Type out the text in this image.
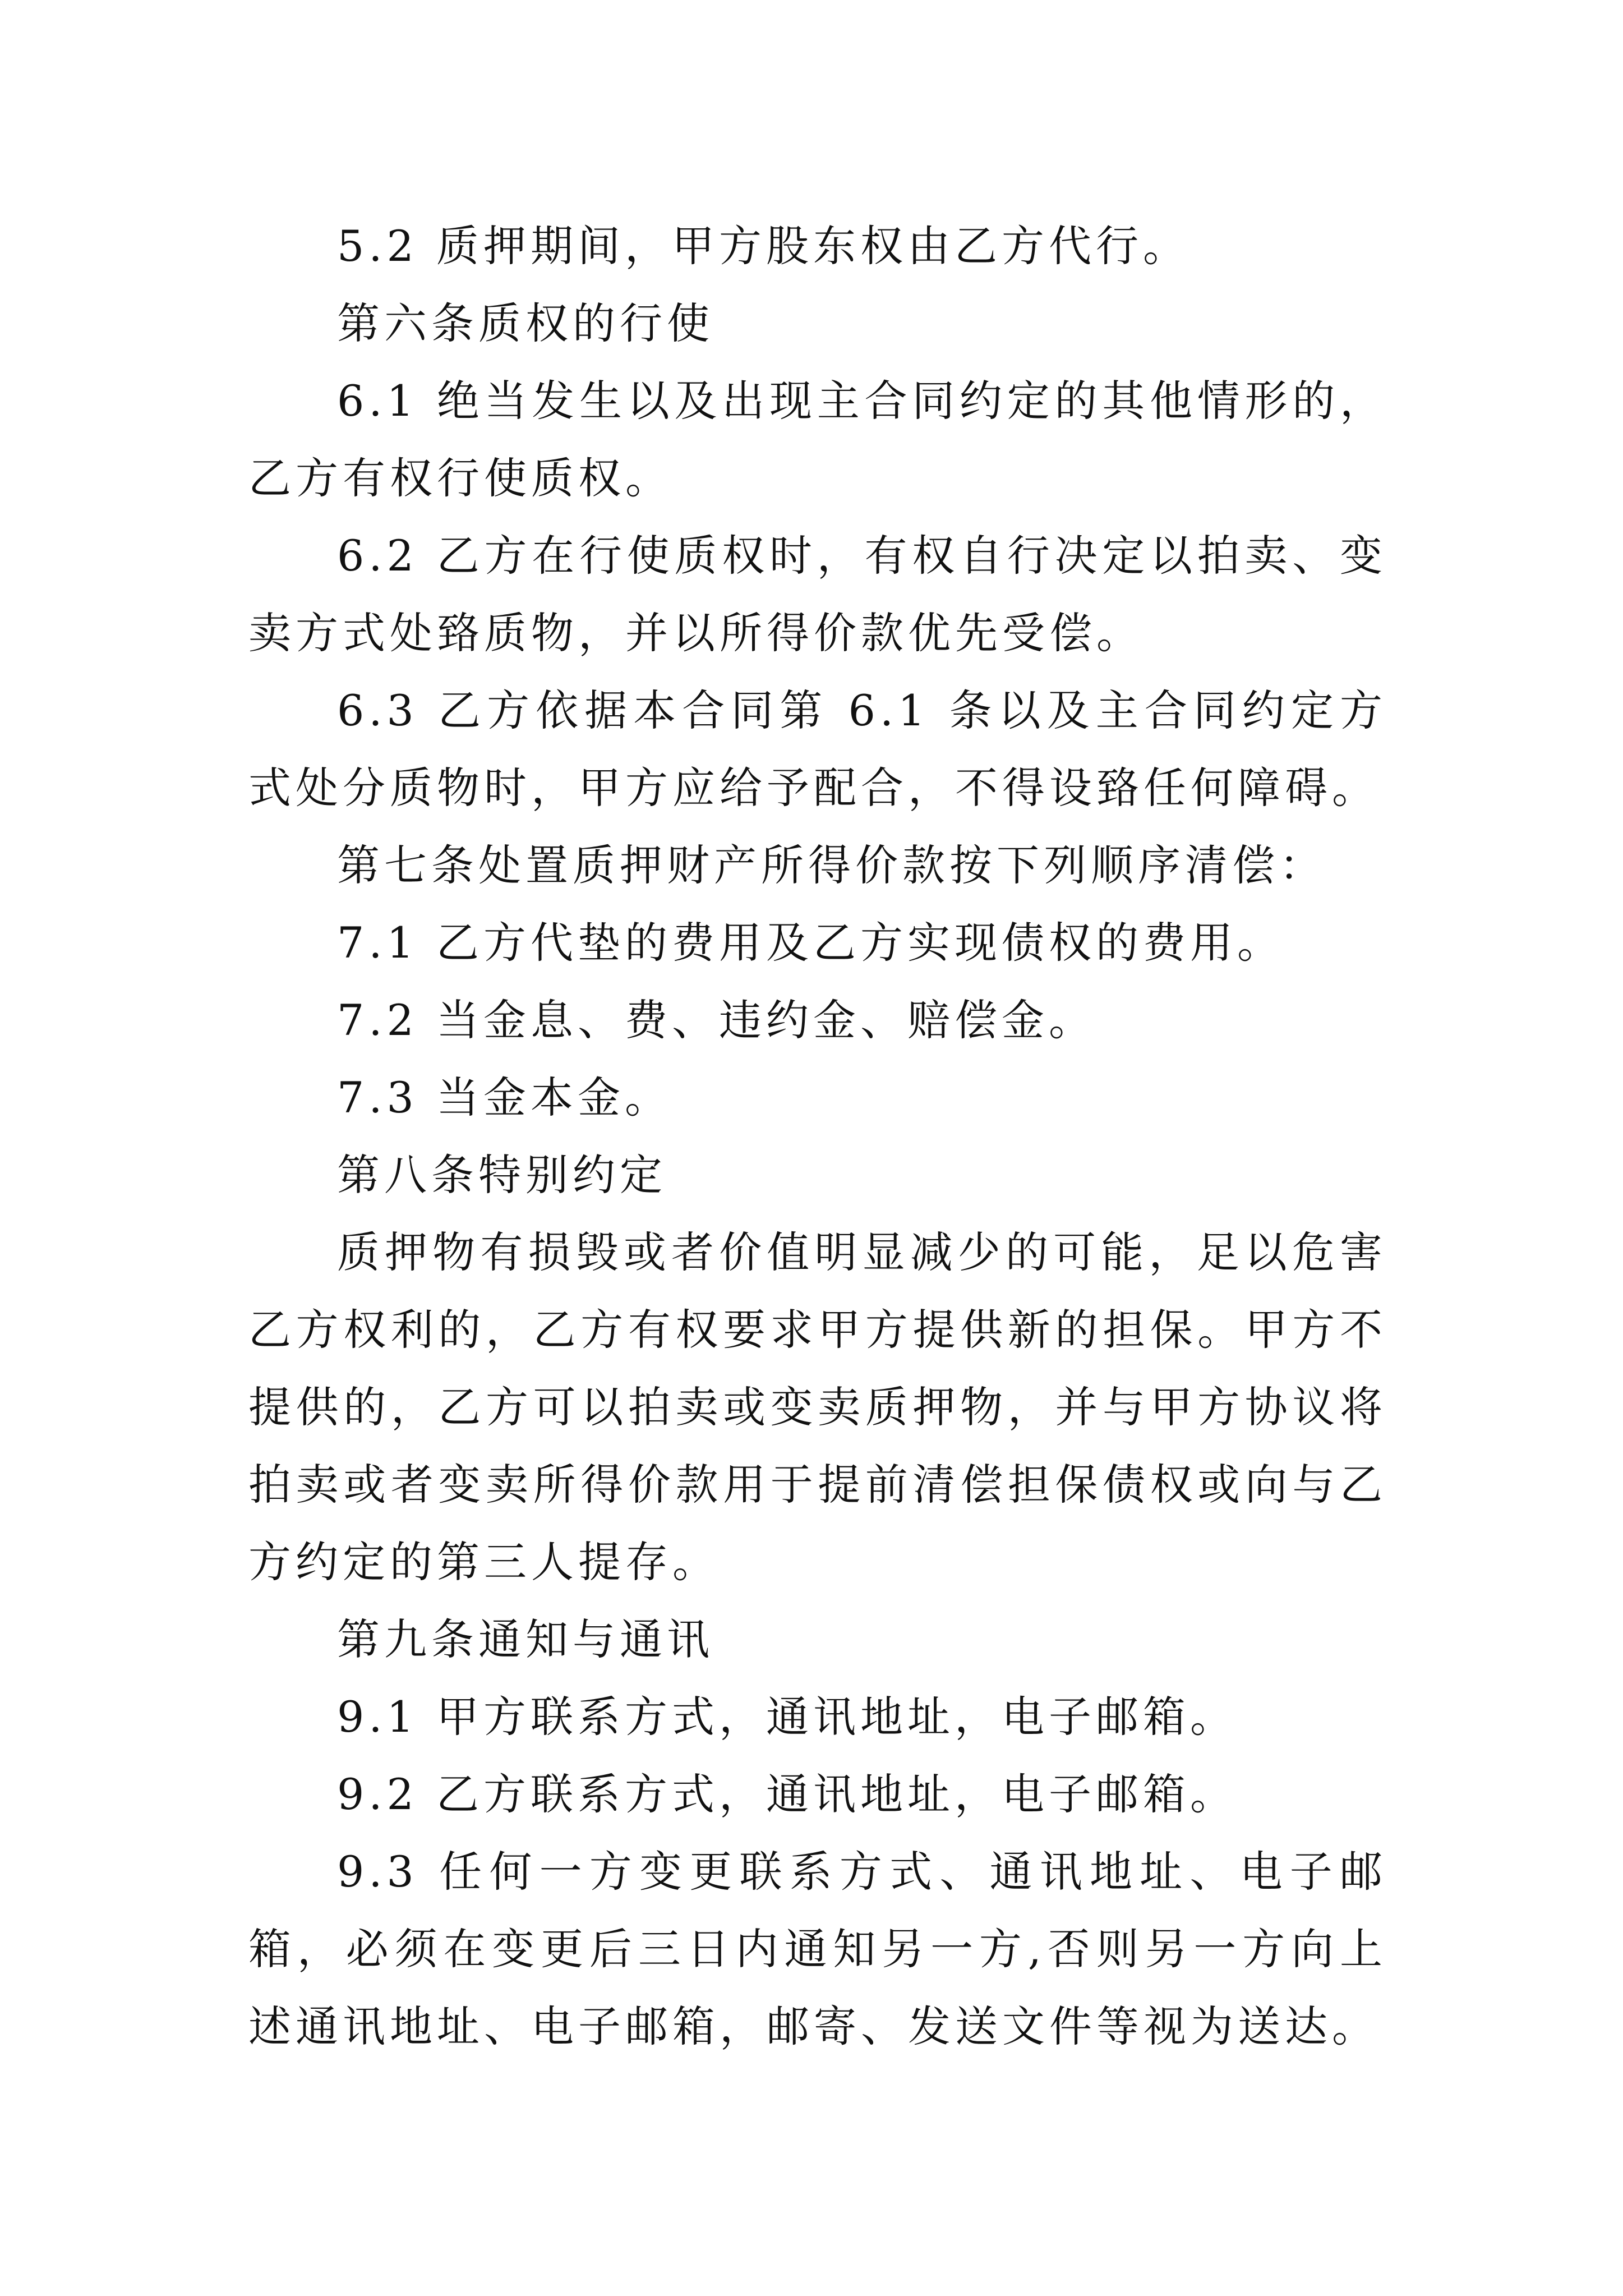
5.2 质押期间，甲方股东权由乙方代行。

第六条质权的行使

6.1 绝当发生以及出现主合同约定的其他情形的，乙方有权行使质权。

6.2 乙方在行使质权时，有权自行决定以拍卖、变卖方式处臵质物，并以所得价款优先受偿。

6.3 乙方依据本合同第 6.1 条以及主合同约定方式处分质物时，甲方应给予配合，不得设臵任何障碍。

第七条处置质押财产所得价款按下列顺序清偿：

7.1 乙方代垫的费用及乙方实现债权的费用。

7.2 当金息、费、违约金、赔偿金。

7.3 当金本金。

第八条特别约定

质押物有损毁或者价值明显减少的可能，足以危害乙方权利的，乙方有权要求甲方提供新的担保。甲方不提供的，乙方可以拍卖或变卖质押物，并与甲方协议将拍卖或者变卖所得价款用于提前清偿担保债权或向与乙方约定的第三人提存。

第九条通知与通讯

9.1 甲方联系方式，通讯地址，电子邮箱。

9.2 乙方联系方式，通讯地址，电子邮箱。

9.3 任何一方变更联系方式、通讯地址、电子邮箱，必须在变更后三日内通知另一方,否则另一方向上述通讯地址、电子邮箱，邮寄、发送文件等视为送达。
